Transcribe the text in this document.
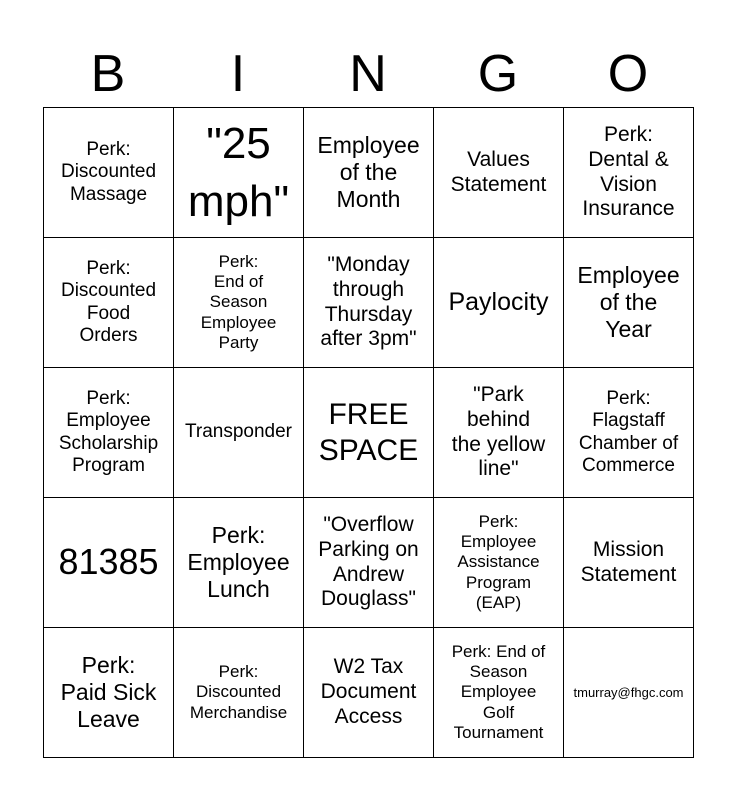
B	I	N	G	O
Perk:
Discounted
Massage	"25
mph"	Employee
of the
Month	Values
Statement	Perk:
Dental &
Vision
Insurance

Perk:
Discounted
Food
Orders	Perk:
End of
Season
Employee
Party	"Monday
through
Thursday
after 3pm"	Paylocity	Employee
of the
Year

Perk:
Employee
Scholarship
Program	Transponder	FREE
SPACE	"Park
behind
the yellow
line"	Perk:
Flagstaff
Chamber of
Commerce

81385	Perk:
Employee
Lunch	"Overflow
Parking on
Andrew
Douglass"	Perk:
Employee
Assistance
Program
(EAP)	Mission
Statement

Perk:
Paid Sick
Leave	Perk:
Discounted
Merchandise	W2 Tax
Document
Access	Perk: End of
Season
Employee
Golf
Tournament	tmurray@fhgc.com
